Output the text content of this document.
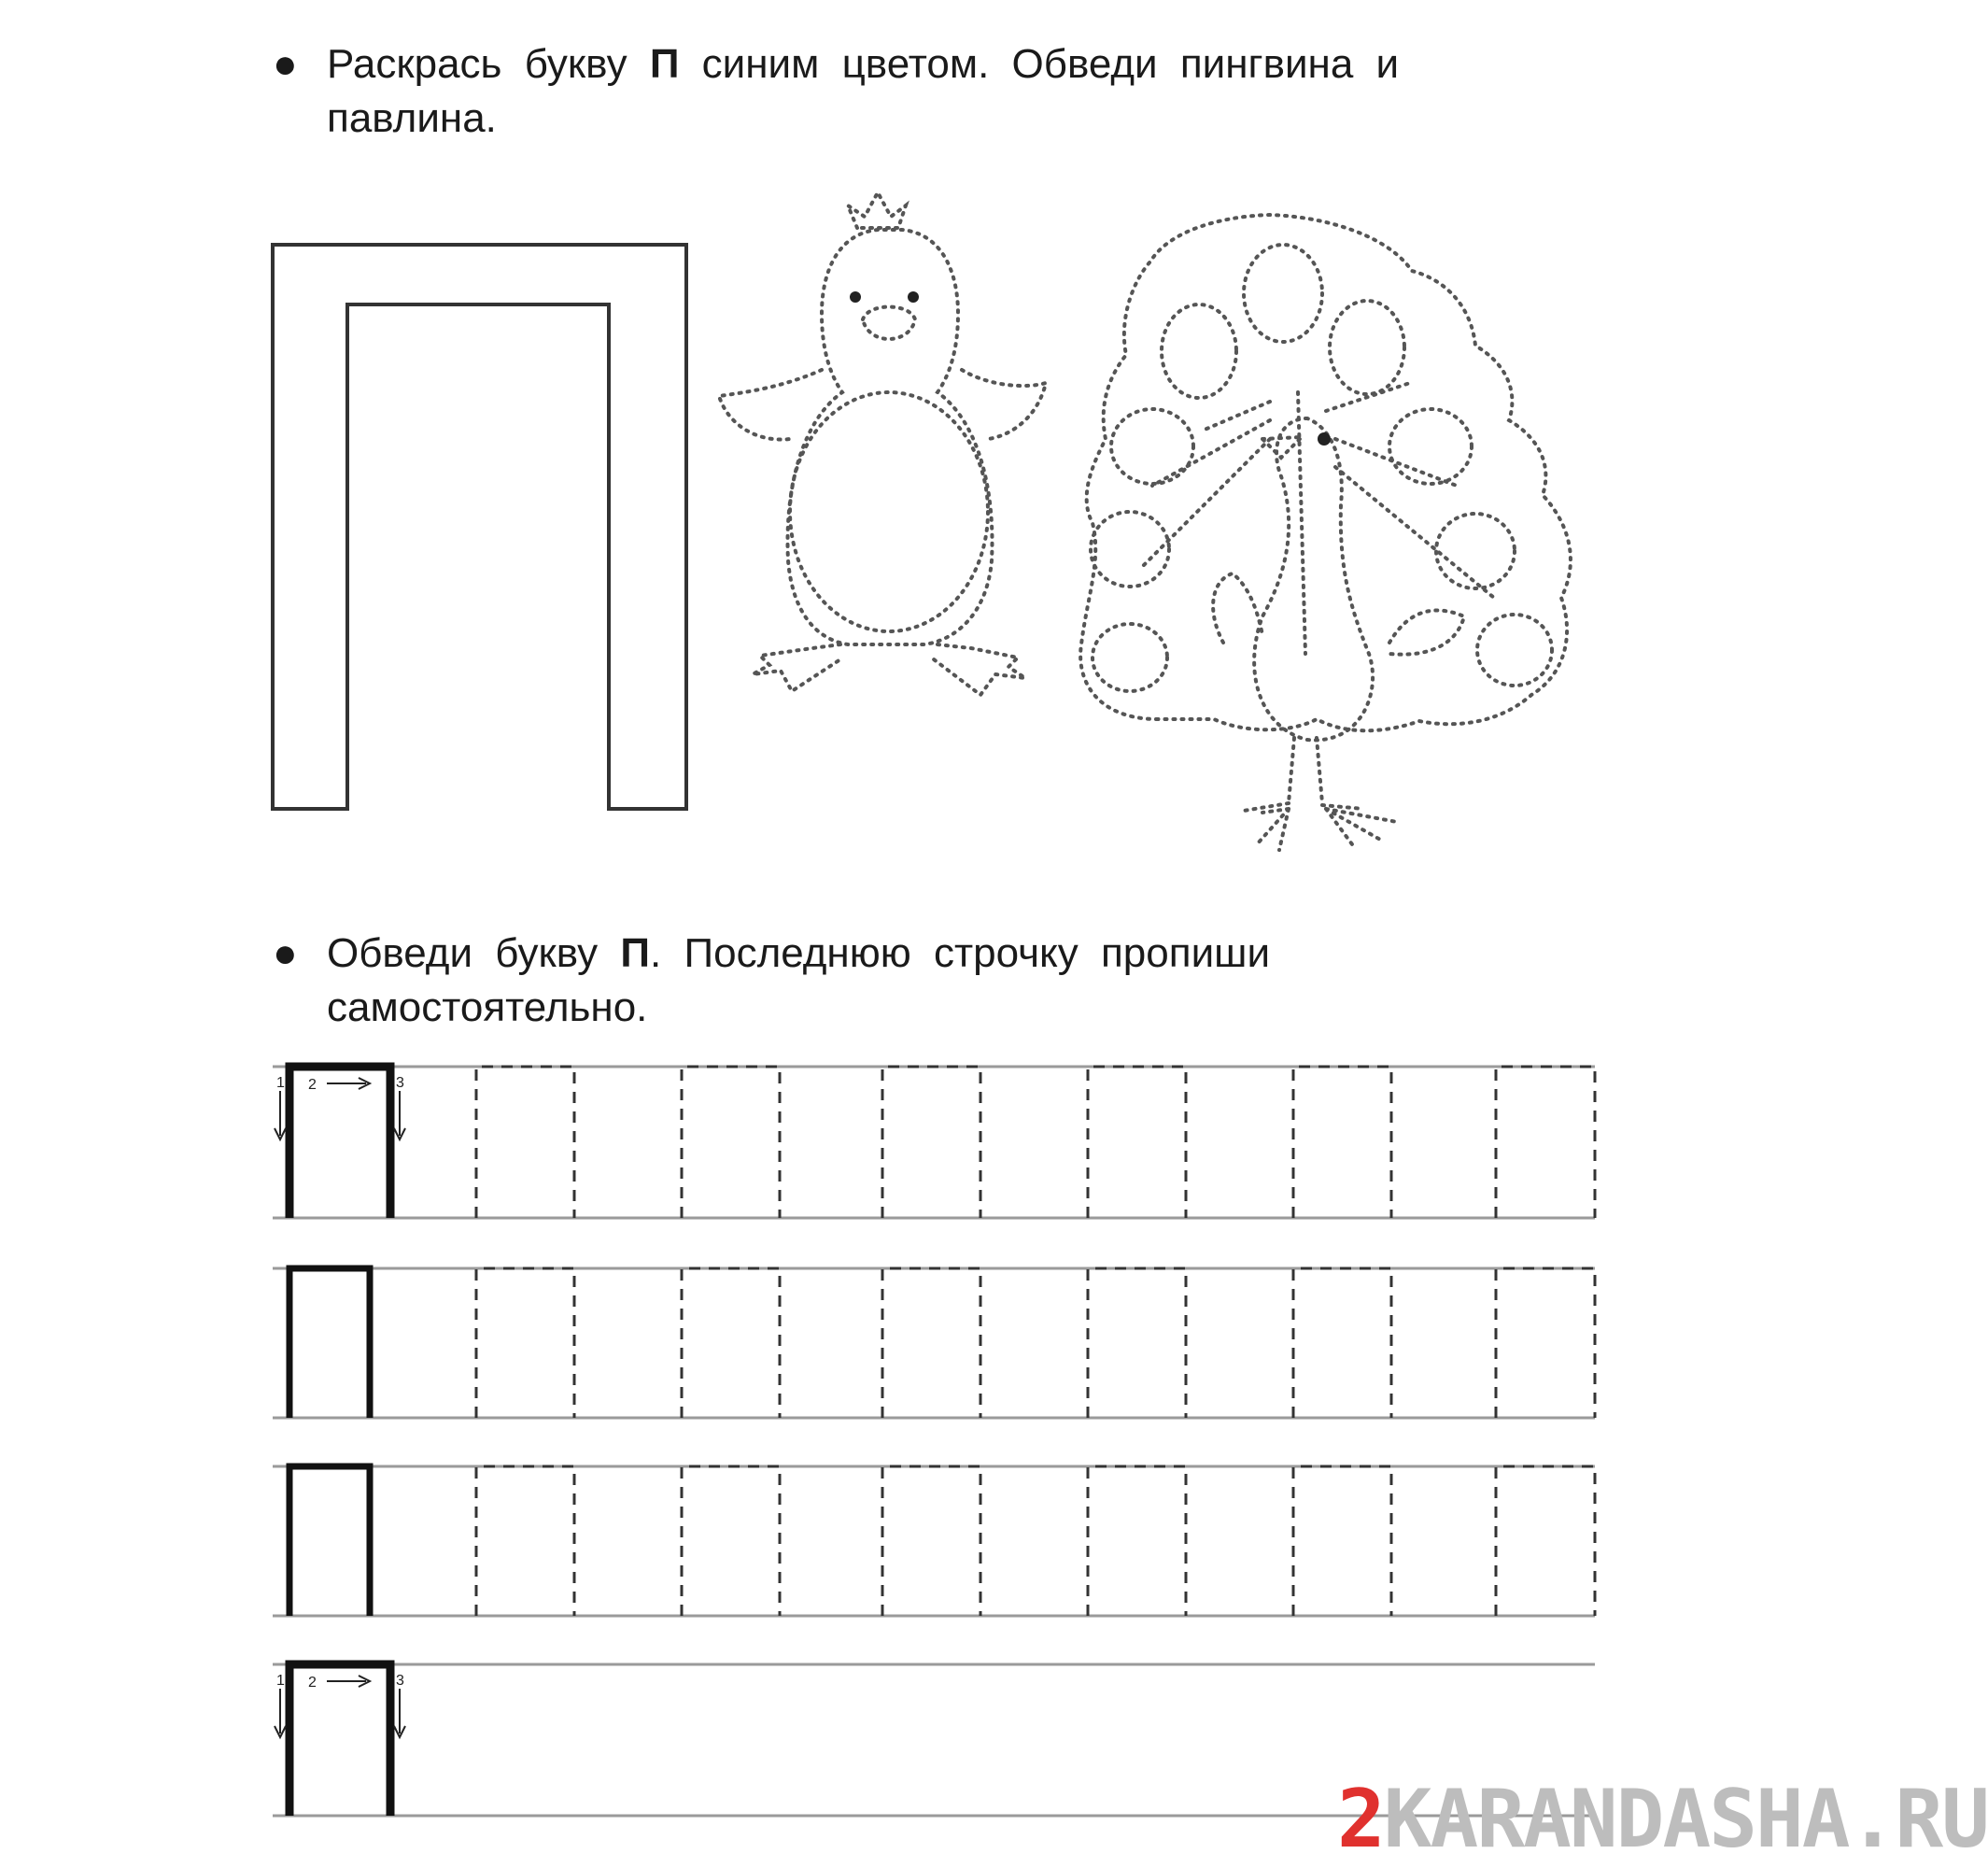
● Раскрась букву П синим цветом. Обведи пингвина и павлина.
● Обведи букву П. Последнюю строчку пропиши самостоятельно.
1 2	3
1 2	3
2KARANDASHA.RU
